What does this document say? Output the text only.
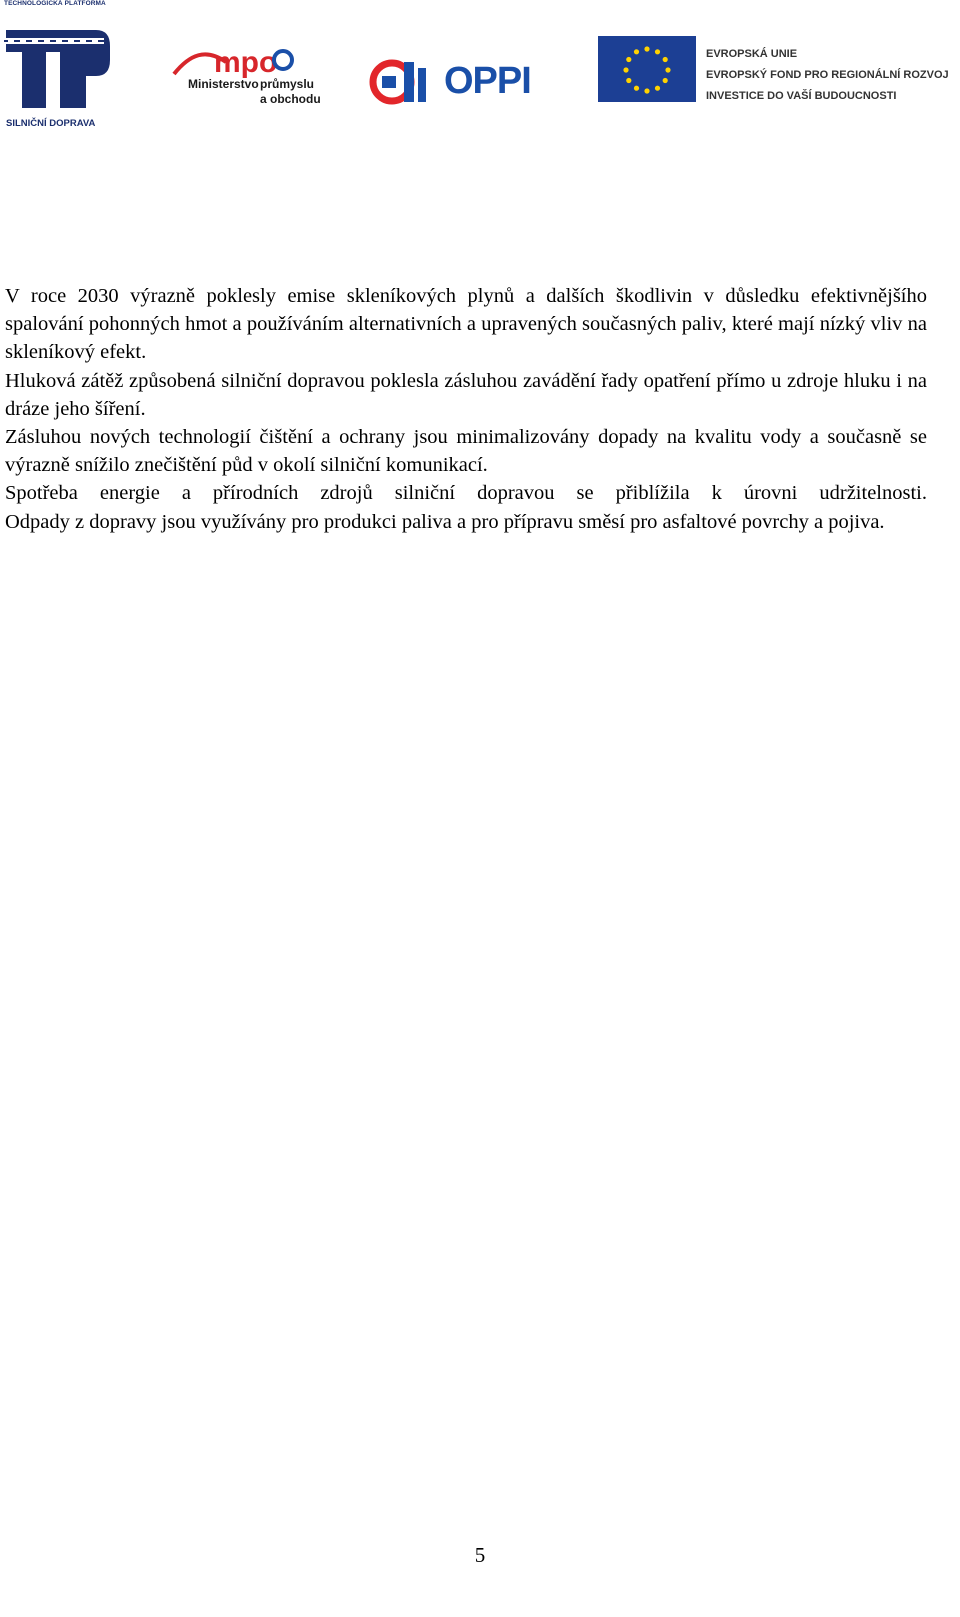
TECHNOLOGICKÁ PLATFORMA
SILNIČNÍ DOPRAVA
mpo
Ministerstvo průmyslu
a obchodu	OPPI
EVROPSKÁ UNIE
EVROPSKÝ FOND PRO REGIONÁLNÍ ROZVOJ
INVESTICE DO VAŠÍ BUDOUCNOSTI

V roce 2030 výrazně poklesly emise skleníkových plynů a dalších škodlivin v důsledku efektivnějšího spalování pohonných hmot a používáním alternativních a upravených současných paliv, které mají nízký vliv na skleníkový efekt.

Hluková zátěž způsobená silniční dopravou poklesla zásluhou zavádění řady opatření přímo u zdroje hluku i na dráze jeho šíření.

Zásluhou nových technologií čištění a ochrany jsou minimalizovány dopady na kvalitu vody a současně se výrazně snížilo znečištění půd v okolí silniční komunikací.

Spotřeba energie a přírodních zdrojů silniční dopravou se přiblížila k úrovni udržitelnosti.

Odpady z dopravy jsou využívány pro produkci paliva a pro přípravu směsí pro asfaltové povrchy a pojiva.

5
